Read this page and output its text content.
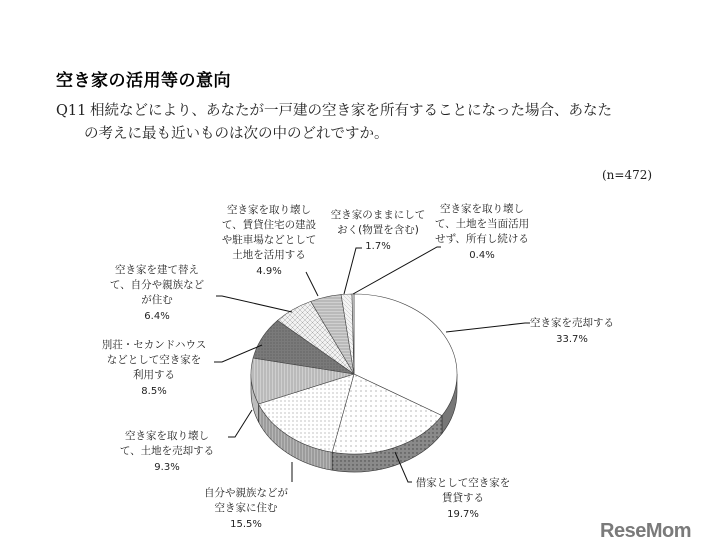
空き家の活用等の意向
Q11 相続などにより、あなたが一戸建の空き家を所有することになった場合、あなた
の考えに最も近いものは次の中のどれですか。
(n=472)
空き家を売却する
33.7%
借家として空き家を
賃貸する
19.7%
自分や親族などが
空き家に住む
15.5%
空き家を取り壊し
て、土地を売却する
9.3%
別荘・セカンドハウス
などとして空き家を
利用する
8.5%
空き家を建て替え
て、自分や親族など
が住む
6.4%
空き家を取り壊し
て、賃貸住宅の建設
や駐車場などとして
土地を活用する
4.9%
空き家のままにして
おく(物置を含む)
1.7%
空き家を取り壊し
て、土地を当面活用
せず、所有し続ける
0.4%
ReseMom
